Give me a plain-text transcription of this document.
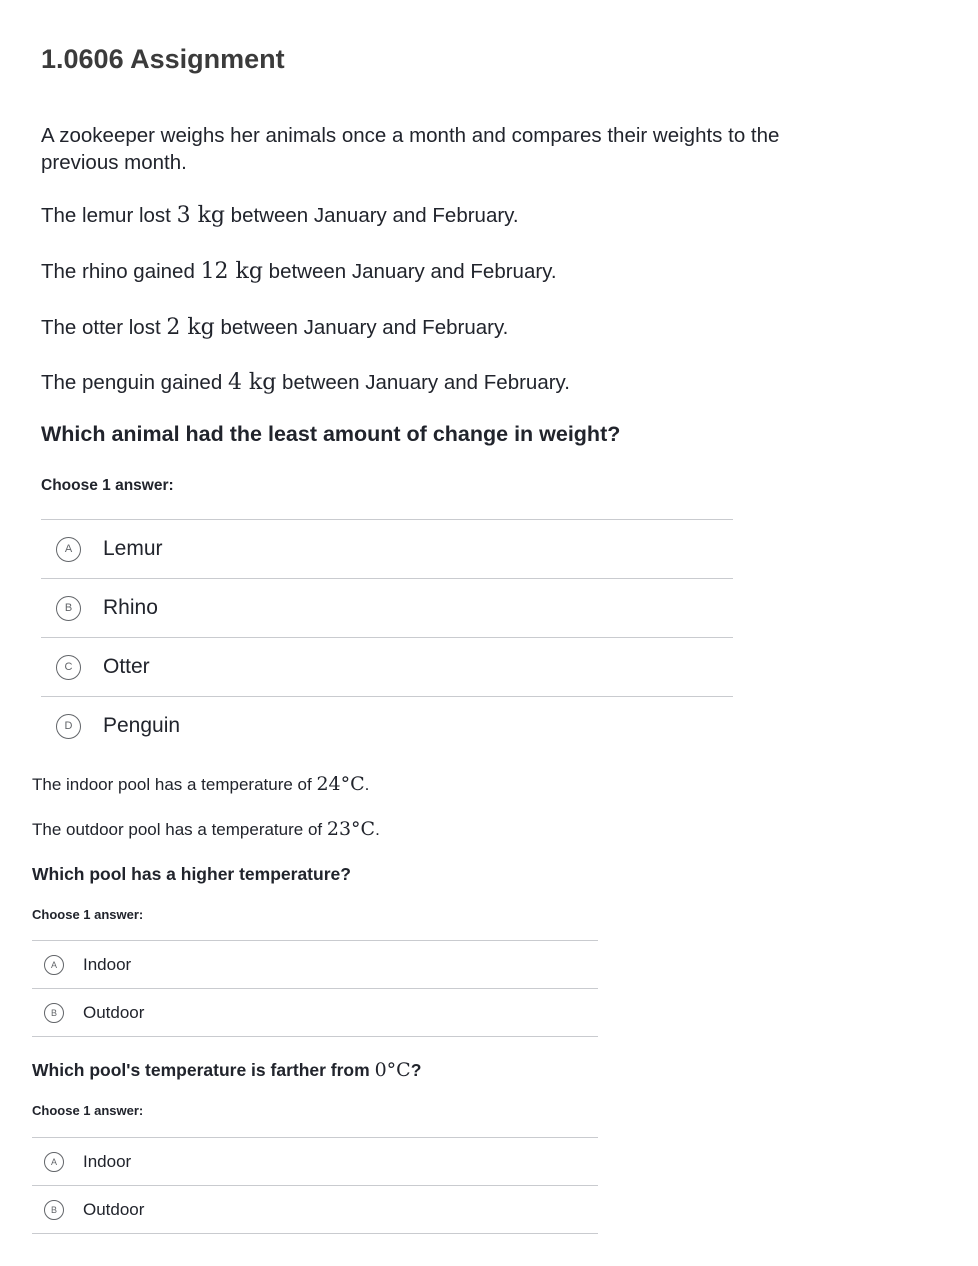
1.0606 Assignment

A zookeeper weighs her animals once a month and compares their weights to the previous month.

The lemur lost 3 kg between January and February.

The rhino gained 12 kg between January and February.

The otter lost 2 kg between January and February.

The penguin gained 4 kg between January and February.

Which animal had the least amount of change in weight?

Choose 1 answer:

A	Lemur
B	Rhino
C	Otter
D	Penguin

The indoor pool has a temperature of 24°C.

The outdoor pool has a temperature of 23°C.

Which pool has a higher temperature?

Choose 1 answer:

A	Indoor
B	Outdoor

Which pool's temperature is farther from 0°C?

Choose 1 answer:

A	Indoor
B	Outdoor
